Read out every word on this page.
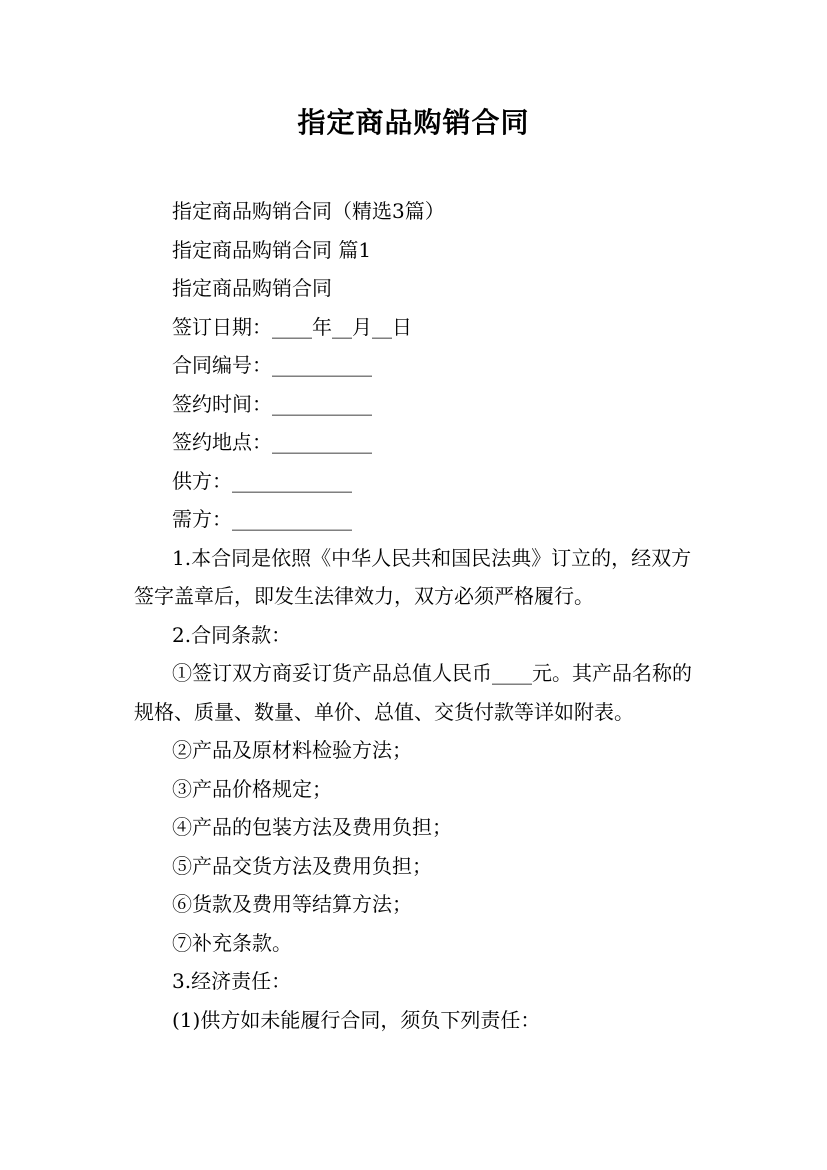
指定商品购销合同

指定商品购销合同（精选3篇）

指定商品购销合同 篇1

指定商品购销合同

签订日期：____年__月__日

合同编号：__________

签约时间：__________

签约地点：__________

供方：____________

需方：____________

1.本合同是依照《中华人民共和国民法典》订立的，经双方签字盖章后，即发生法律效力，双方必须严格履行。

2.合同条款：

①签订双方商妥订货产品总值人民币____元。其产品名称的规格、质量、数量、单价、总值、交货付款等详如附表。

②产品及原材料检验方法；

③产品价格规定；

④产品的包装方法及费用负担；

⑤产品交货方法及费用负担；

⑥货款及费用等结算方法；

⑦补充条款。

3.经济责任：

(1)供方如未能履行合同，须负下列责任：
